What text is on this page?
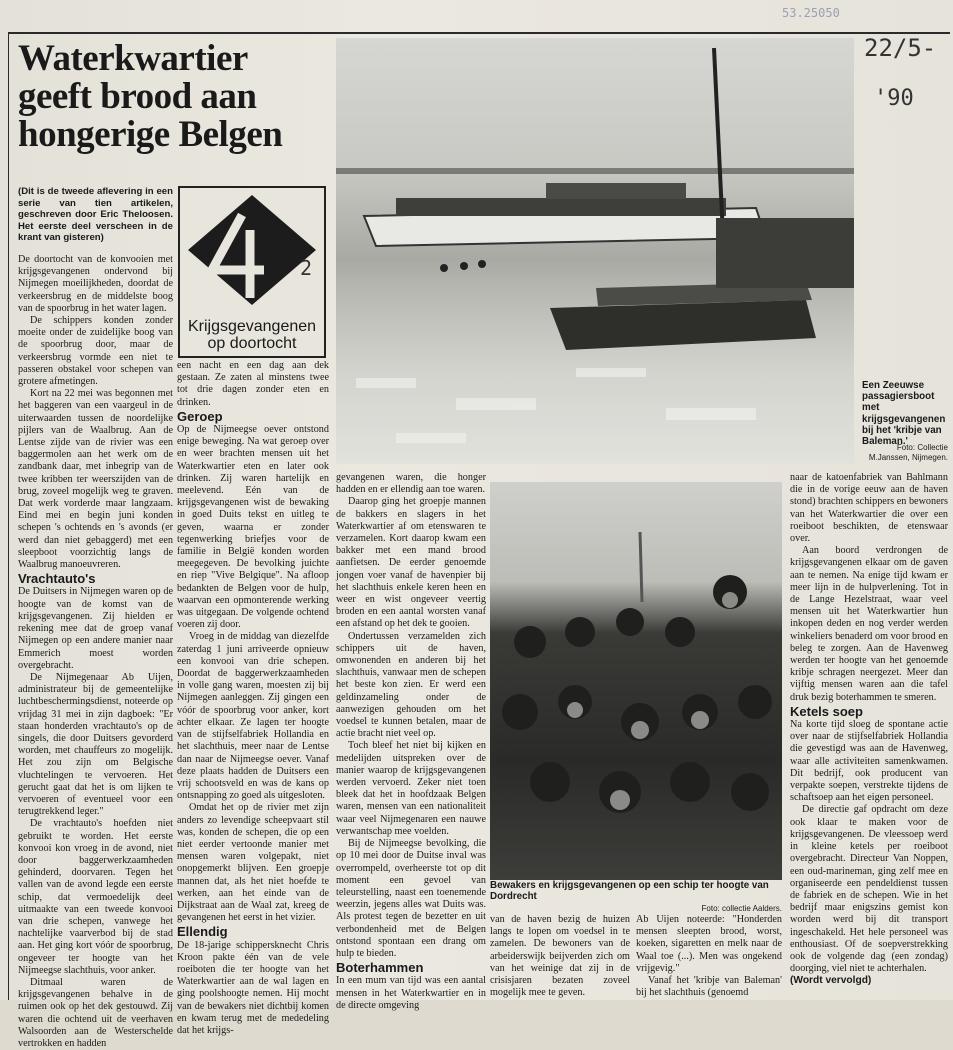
53.25050
22/5-
'90
Waterkwartier geeft brood aan hongerige Belgen
(Dit is de tweede aflevering in een serie van tien artikelen, geschreven door Eric Theloosen. Het eerste deel verscheen in de krant van gisteren)
2
Krijgsgevangenen op doortocht

De doortocht van de konvooien met krijgsgevangenen ondervond bij Nijmegen moeilijkheden, doordat de verkeersbrug en de middelste boog van de spoorbrug in het water lagen.

De schippers konden zonder moeite onder de zuidelijke boog van de spoorbrug door, maar de verkeersbrug vormde een niet te passeren obstakel voor schepen van grotere afmetingen.

Kort na 22 mei was begonnen met het baggeren van een vaargeul in de uiterwaarden tussen de noordelijke pijlers van de Waalbrug. Aan de Lentse zijde van de rivier was een baggermolen aan het werk om de zandbank daar, met inbegrip van de twee kribben ter weerszijden van de brug, zoveel mogelijk weg te graven. Dat werk vorderde maar langzaam. Eind mei en begin juni konden schepen 's ochtends en 's avonds (er werd dan niet gebaggerd) met een sleepboot voorzichtig langs de Waalbrug manoeuvreren.

Vrachtauto's

De Duitsers in Nijmegen waren op de hoogte van de komst van de krijgsgevangenen. Zij hielden er rekening mee dat de groep vanaf Nijmegen op een andere manier naar Emmerich moest worden overgebracht.

De Nijmegenaar Ab Uijen, administrateur bij de gemeentelijke luchtbeschermingsdienst, noteerde op vrijdag 31 mei in zijn dagboek: "Er staan honderden vrachtauto's op de singels, die door Duitsers gevorderd worden, met chauffeurs zo mogelijk. Het zou zijn om Belgische vluchtelingen te vervoeren. Het gerucht gaat dat het is om lijken te vervoeren of eventueel voor een terugtrekkend leger."

De vrachtauto's hoefden niet gebruikt te worden. Het eerste konvooi kon vroeg in de avond, niet door baggerwerkzaamheden gehinderd, doorvaren. Tegen het vallen van de avond legde een eerste schip, dat vermoedelijk deel uitmaakte van een tweede konvooi van drie schepen, vanwege het nachtelijke vaarverbod bij de stad aan. Het ging kort vóór de spoorbrug, ongeveer ter hoogte van het Nijmeegse slachthuis, voor anker.

Ditmaal waren de krijgsgevangenen behalve in de ruimen ook op het dek gestouwd. Zij waren die ochtend uit de veerhaven Walsoorden aan de Westerschelde vertrokken en hadden

een nacht en een dag aan dek gestaan. Ze zaten al minstens twee tot drie dagen zonder eten en drinken.

Geroep

Op de Nijmeegse oever ontstond enige beweging. Na wat geroep over en weer brachten mensen uit het Waterkwartier eten en later ook drinken. Zij waren hartelijk en meelevend. Eén van de krijgsgevangenen wist de bewaking in goed Duits tekst en uitleg te geven, waarna er zonder tegenwerking briefjes voor de familie in België konden worden meegegeven. De bevolking juichte en riep "Vive Belgique". Na afloop bedankten de Belgen voor de hulp, waarvan een opmonterende werking was uitgegaan. De volgende ochtend voeren zij door.

Vroeg in de middag van diezelfde zaterdag 1 juni arriveerde opnieuw een konvooi van drie schepen. Doordat de baggerwerkzaamheden in volle gang waren, moesten zij bij Nijmegen aanleggen. Zij gingen een vóór de spoorbrug voor anker, kort achter elkaar. Ze lagen ter hoogte van de stijfselfabriek Hollandia en het slachthuis, meer naar de Lentse dan naar de Nijmeegse oever. Vanaf deze plaats hadden de Duitsers een vrij schootsveld en was de kans op ontsnapping zo goed als uitgesloten.

Omdat het op de rivier met zijn anders zo levendige scheepvaart stil was, konden de schepen, die op een niet eerder vertoonde manier met mensen waren volgepakt, niet onopgemerkt blijven. Een groepje mannen dat, als het niet hoefde te werken, aan het einde van de Dijkstraat aan de Waal zat, kreeg de gevangenen het eerst in het vizier.

Ellendig

De 18-jarige schippersknecht Chris Kroon pakte één van de vele roeiboten die ter hoogte van het Waterkwartier aan de wal lagen en ging poolshoogte nemen. Hij mocht van de bewakers niet dichtbij komen en kwam terug met de mededeling dat het krijgs-

Een Zeeuwse passagiersboot met krijgsgevangenen bij het 'kribje van Baleman.'
Foto: Collectie M.Janssen, Nijmegen.

gevangenen waren, die honger hadden en er ellendig aan toe waren.

Daarop ging het groepje mannen de bakkers en slagers in het Waterkwartier af om etenswaren te verzamelen. Kort daarop kwam een bakker met een mand brood aanfietsen. De eerder genoemde jongen voer vanaf de havenpier bij het slachthuis enkele keren heen en weer en wist ongeveer veertig broden en een aantal worsten vanaf een afstand op het dek te gooien.

Ondertussen verzamelden zich schippers uit de haven, omwonenden en anderen bij het slachthuis, vanwaar men de schepen het beste kon zien. Er werd een geldinzameling onder de aanwezigen gehouden om het voedsel te kunnen betalen, maar de actie bracht niet veel op.

Toch bleef het niet bij kijken en medelijden uitspreken over de manier waarop de krijgsgevangenen werden vervoerd. Zeker niet toen bleek dat het in hoofdzaak Belgen waren, mensen van een nationaliteit waar veel Nijmegenaren een nauwe verwantschap mee voelden.

Bij de Nijmeegse bevolking, die op 10 mei door de Duitse inval was overrompeld, overheerste tot op dit moment een gevoel van teleurstelling, naast een toenemende weerzin, jegens alles wat Duits was. Als protest tegen de bezetter en uit verbondenheid met de Belgen ontstond spontaan een drang om hulp te bieden.

Boterhammen

In een mum van tijd was een aantal mensen in het Waterkwartier en in de directe omgeving

Bewakers en krijgsgevangenen op een schip ter hoogte van Dordrecht
Foto: collectie Aalders.

van de haven bezig de huizen langs te lopen om voedsel in te zamelen. De bewoners van de arbeiderswijk beijverden zich om van het weinige dat zij in de crisisjaren bezaten zoveel mogelijk mee te geven.

Ab Uijen noteerde: "Honderden mensen sleepten brood, worst, koeken, sigaretten en melk naar de Waal toe (...). Men was ongekend vrijgevig."

Vanaf het 'kribje van Baleman' bij het slachthuis (genoemd

naar de katoenfabriek van Bahlmann die in de vorige eeuw aan de haven stond) brachten schippers en bewoners van het Waterkwartier die over een roeiboot beschikten, de etenswaar over.

Aan boord verdrongen de krijgsgevangenen elkaar om de gaven aan te nemen. Na enige tijd kwam er meer lijn in de hulpverlening. Tot in de Lange Hezelstraat, waar veel mensen uit het Waterkwartier hun inkopen deden en nog verder werden winkeliers benaderd om voor brood en beleg te zorgen. Aan de Havenweg werden ter hoogte van het genoemde kribje schragen neergezet. Meer dan vijftig mensen waren aan die tafel druk bezig boterhammen te smeren.

Ketels soep

Na korte tijd sloeg de spontane actie over naar de stijfselfabriek Hollandia die gevestigd was aan de Havenweg, waar alle activiteiten samenkwamen. Dit bedrijf, ook producent van verpakte soepen, verstrekte tijdens de schaftsoep aan het eigen personeel.

De directie gaf opdracht om deze ook klaar te maken voor de krijgsgevangenen. De vleessoep werd in kleine ketels per roeiboot overgebracht. Directeur Van Noppen, een oud-marineman, ging zelf mee en organiseerde een pendeldienst tussen de fabriek en de schepen. Wie in het bedrijf maar enigszins gemist kon worden werd bij dit transport ingeschakeld. Het hele personeel was enthousiast. Of de soepverstrekking ook de volgende dag (een zondag) doorging, viel niet te achterhalen.

(Wordt vervolgd)
